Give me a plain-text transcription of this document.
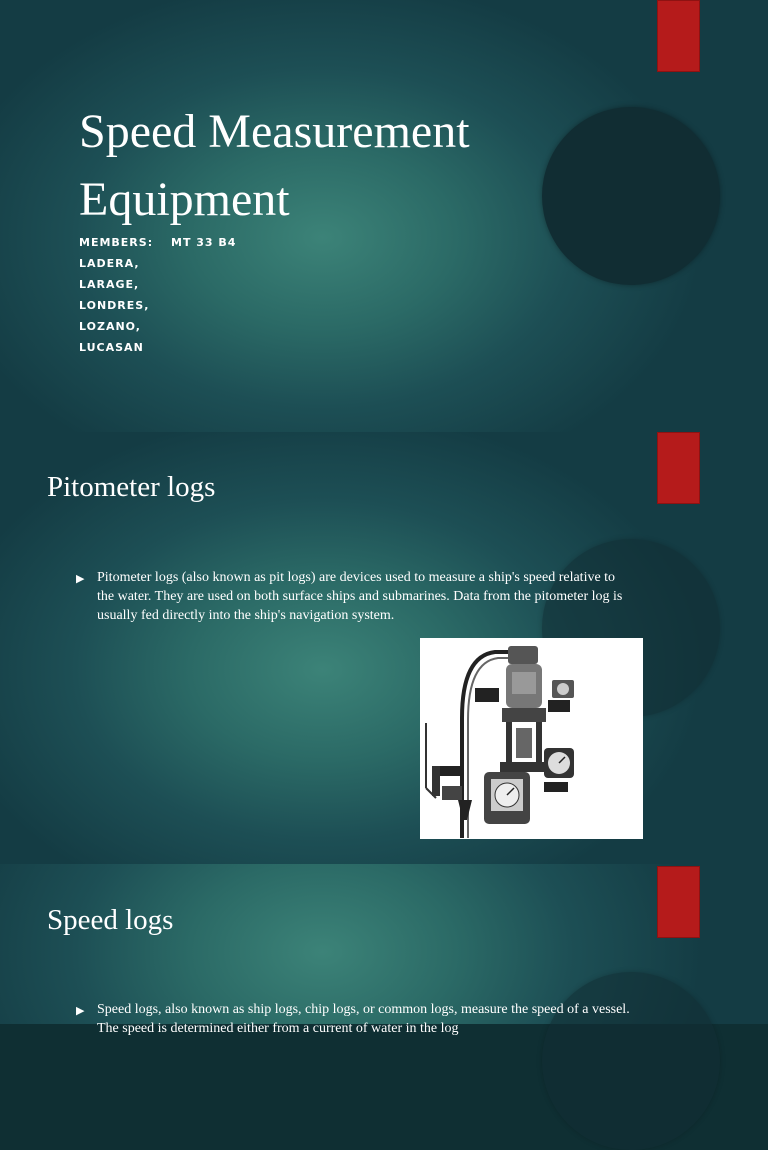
Speed Measurement
Equipment
MEMBERS:	MT 33 B4
LADERA,
LARAGE,
LONDRES,
LOZANO,
LUCASAN
Pitometer logs
▶ Pitometer logs (also known as pit logs) are devices used to measure a ship's speed relative to the water. They are used on both surface ships and submarines. Data from the pitometer log is usually fed directly into the ship's navigation system.
Speed logs
▶ Speed logs, also known as ship logs, chip logs, or common logs, measure the speed of a vessel. The speed is determined either from a current of water in the log
